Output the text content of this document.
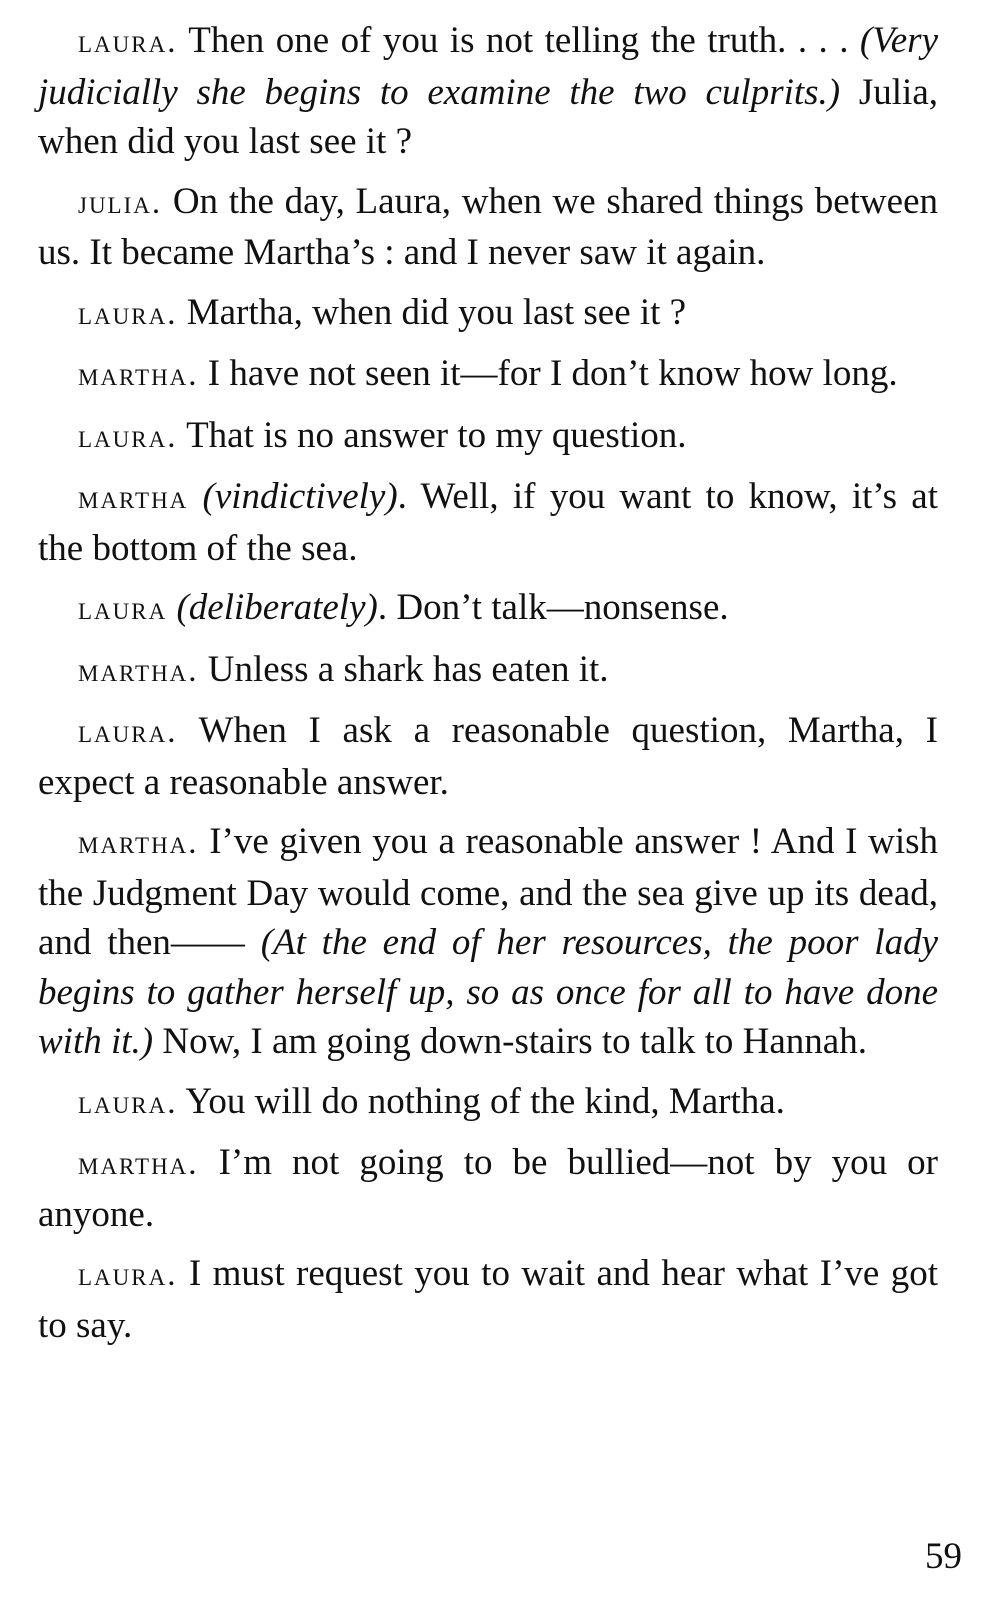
laura. Then one of you is not telling the truth. . . . (Very judicially she begins to examine the two culprits.) Julia, when did you last see it ?

julia. On the day, Laura, when we shared things between us. It became Martha’s : and I never saw it again.

laura. Martha, when did you last see it ?

martha. I have not seen it—for I don’t know how long.

laura. That is no answer to my question.

martha (vindictively). Well, if you want to know, it’s at the bottom of the sea.

laura (deliberately). Don’t talk—nonsense.

martha. Unless a shark has eaten it.

laura. When I ask a reasonable question, Martha, I expect a reasonable answer.

martha. I’ve given you a reasonable answer ! And I wish the Judgment Day would come, and the sea give up its dead, and then—— (At the end of her resources, the poor lady begins to gather herself up, so as once for all to have done with it.) Now, I am going down-stairs to talk to Hannah.

laura. You will do nothing of the kind, Martha.

martha. I’m not going to be bullied—not by you or anyone.

laura. I must request you to wait and hear what I’ve got to say.

59
